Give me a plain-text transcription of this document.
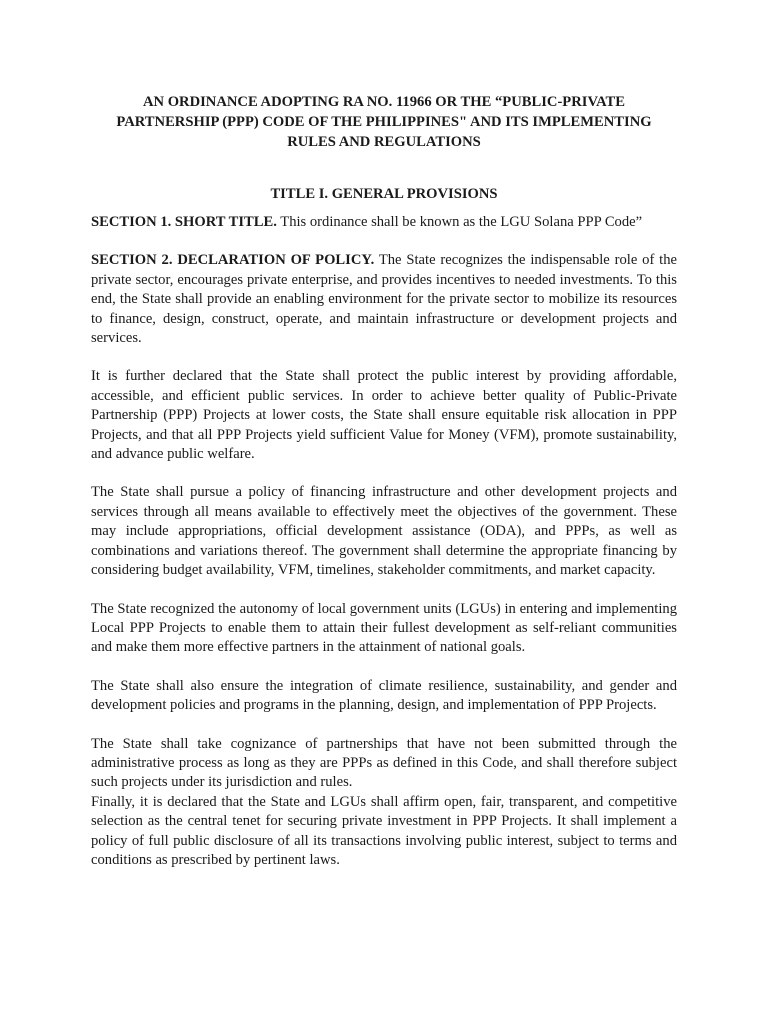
AN ORDINANCE ADOPTING RA NO. 11966 OR THE “PUBLIC-PRIVATE
PARTNERSHIP (PPP) CODE OF THE PHILIPPINES" AND ITS IMPLEMENTING
RULES AND REGULATIONS
TITLE I. GENERAL PROVISIONS

SECTION 1. SHORT TITLE. This ordinance shall be known as the LGU Solana PPP Code”

SECTION 2. DECLARATION OF POLICY. The State recognizes the indispensable role of the private sector, encourages private enterprise, and provides incentives to needed investments. To this end, the State shall provide an enabling environment for the private sector to mobilize its resources to finance, design, construct, operate, and maintain infrastructure or development projects and services.

It is further declared that the State shall protect the public interest by providing affordable, accessible, and efficient public services. In order to achieve better quality of Public-Private Partnership (PPP) Projects at lower costs, the State shall ensure equitable risk allocation in PPP Projects, and that all PPP Projects yield sufficient Value for Money (VFM), promote sustainability, and advance public welfare.

The State shall pursue a policy of financing infrastructure and other development projects and services through all means available to effectively meet the objectives of the government. These may include appropriations, official development assistance (ODA), and PPPs, as well as combinations and variations thereof. The government shall determine the appropriate financing by considering budget availability, VFM, timelines, stakeholder commitments, and market capacity.

The State recognized the autonomy of local government units (LGUs) in entering and implementing Local PPP Projects to enable them to attain their fullest development as self-reliant communities and make them more effective partners in the attainment of national goals.

The State shall also ensure the integration of climate resilience, sustainability, and gender and development policies and programs in the planning, design, and implementation of PPP Projects.

The State shall take cognizance of partnerships that have not been submitted through the administrative process as long as they are PPPs as defined in this Code, and shall therefore subject such projects under its jurisdiction and rules.

Finally, it is declared that the State and LGUs shall affirm open, fair, transparent, and competitive selection as the central tenet for securing private investment in PPP Projects. It shall implement a policy of full public disclosure of all its transactions involving public interest, subject to terms and conditions as prescribed by pertinent laws.
